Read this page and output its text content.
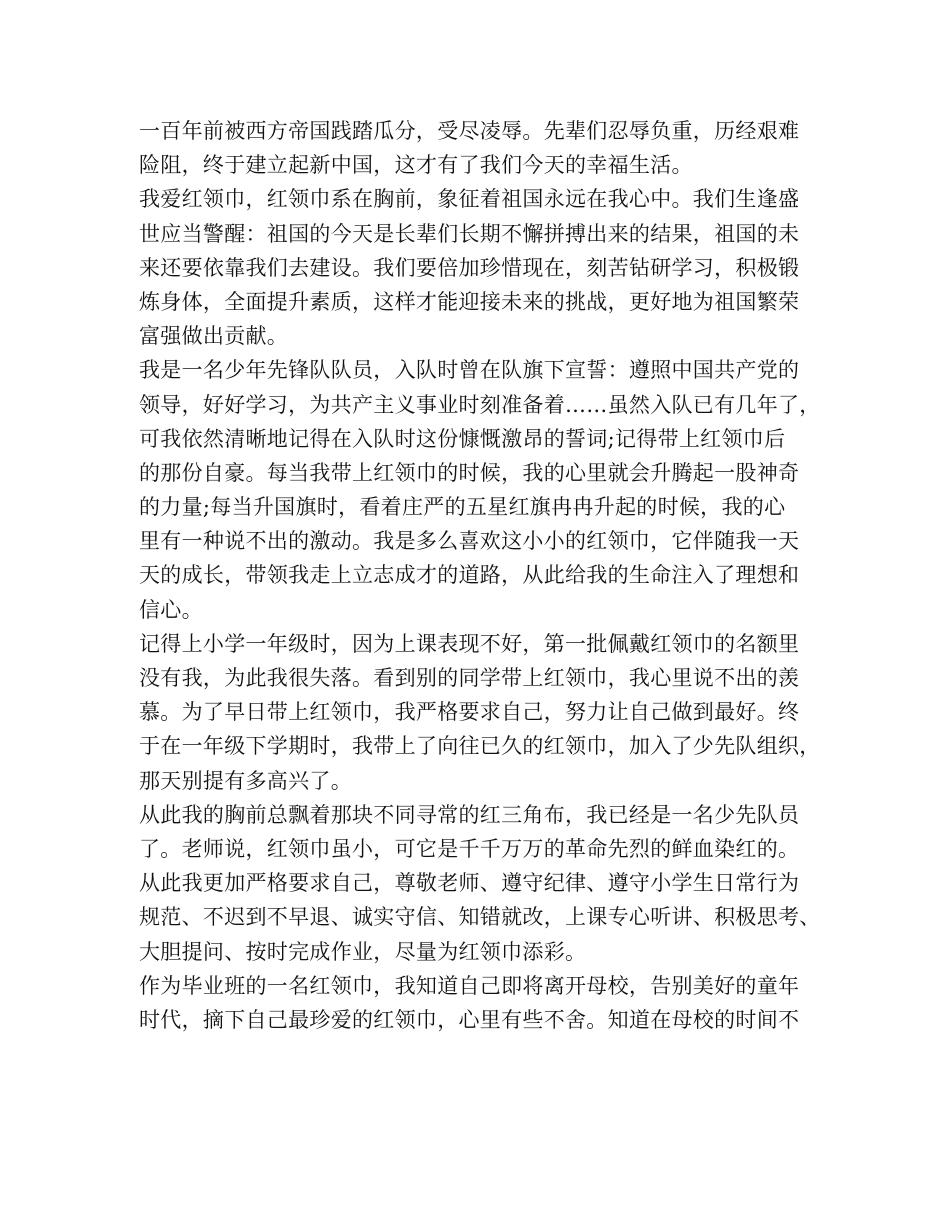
一百年前被西方帝国践踏瓜分，受尽凌辱。先辈们忍辱负重，历经艰难
险阻，终于建立起新中国，这才有了我们今天的幸福生活。
我爱红领巾，红领巾系在胸前，象征着祖国永远在我心中。我们生逢盛
世应当警醒：祖国的今天是长辈们长期不懈拼搏出来的结果，祖国的未
来还要依靠我们去建设。我们要倍加珍惜现在，刻苦钻研学习，积极锻
炼身体，全面提升素质，这样才能迎接未来的挑战，更好地为祖国繁荣
富强做出贡献。
我是一名少年先锋队队员，入队时曾在队旗下宣誓：遵照中国共产党的
领导，好好学习，为共产主义事业时刻准备着……虽然入队已有几年了，
可我依然清晰地记得在入队时这份慷慨激昂的誓词;记得带上红领巾后
的那份自豪。每当我带上红领巾的时候，我的心里就会升腾起一股神奇
的力量;每当升国旗时，看着庄严的五星红旗冉冉升起的时候，我的心
里有一种说不出的激动。我是多么喜欢这小小的红领巾，它伴随我一天
天的成长，带领我走上立志成才的道路，从此给我的生命注入了理想和
信心。
记得上小学一年级时，因为上课表现不好，第一批佩戴红领巾的名额里
没有我，为此我很失落。看到别的同学带上红领巾，我心里说不出的羡
慕。为了早日带上红领巾，我严格要求自己，努力让自己做到最好。终
于在一年级下学期时，我带上了向往已久的红领巾，加入了少先队组织，
那天别提有多高兴了。
从此我的胸前总飘着那块不同寻常的红三角布，我已经是一名少先队员
了。老师说，红领巾虽小，可它是千千万万的革命先烈的鲜血染红的。
从此我更加严格要求自己，尊敬老师、遵守纪律、遵守小学生日常行为
规范、不迟到不早退、诚实守信、知错就改，上课专心听讲、积极思考、
大胆提问、按时完成作业，尽量为红领巾添彩。
作为毕业班的一名红领巾，我知道自己即将离开母校，告别美好的童年
时代，摘下自己最珍爱的红领巾，心里有些不舍。知道在母校的时间不
